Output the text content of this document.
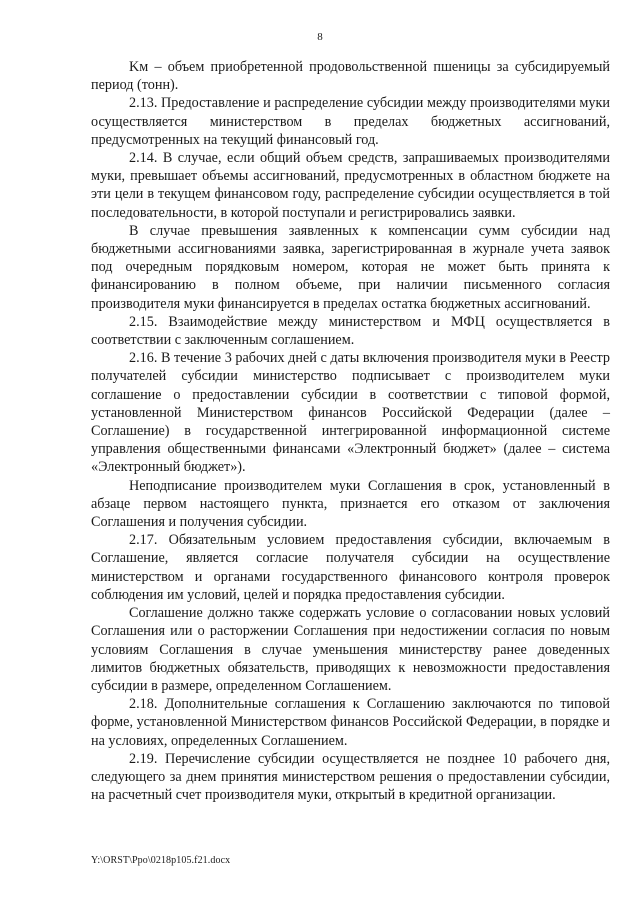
8

Kм – объем приобретенной продовольственной пшеницы за субсидируемый период (тонн).

2.13. Предоставление и распределение субсидии между производителями муки осуществляется министерством в пределах бюджетных ассигнований, предусмотренных на текущий финансовый год.

2.14. В случае, если общий объем средств, запрашиваемых производителями муки, превышает объемы ассигнований, предусмотренных в областном бюджете на эти цели в текущем финансовом году, распределение субсидии осуществляется в той последовательности, в которой поступали и регистрировались заявки.

В случае превышения заявленных к компенсации сумм субсидии над бюджетными ассигнованиями заявка, зарегистрированная в журнале учета заявок под очередным порядковым номером, которая не может быть принята к финансированию в полном объеме, при наличии письменного согласия производителя муки финансируется в пределах остатка бюджетных ассигнований.

2.15. Взаимодействие между министерством и МФЦ осуществляется в соответствии с заключенным соглашением.

2.16. В течение 3 рабочих дней с даты включения производителя муки в Реестр получателей субсидии министерство подписывает с производителем муки соглашение о предоставлении субсидии в соответствии с типовой формой, установленной Министерством финансов Российской Федерации (далее – Соглашение) в государственной интегрированной информационной системе управления общественными финансами «Электронный бюджет» (далее – система «Электронный бюджет»).

Неподписание производителем муки Соглашения в срок, установленный в абзаце первом настоящего пункта, признается его отказом от заключения Соглашения и получения субсидии.

2.17. Обязательным условием предоставления субсидии, включаемым в Соглашение, является согласие получателя субсидии на осуществление министерством и органами государственного финансового контроля проверок соблюдения им условий, целей и порядка предоставления субсидии.

Соглашение должно также содержать условие о согласовании новых условий Соглашения или о расторжении Соглашения при недостижении согласия по новым условиям Соглашения в случае уменьшения министерству ранее доведенных лимитов бюджетных обязательств, приводящих к невозможности предоставления субсидии в размере, определенном Соглашением.

2.18. Дополнительные соглашения к Соглашению заключаются по типовой форме, установленной Министерством финансов Российской Федерации, в порядке и на условиях, определенных Соглашением.

2.19. Перечисление субсидии осуществляется не позднее 10 рабочего дня, следующего за днем принятия министерством решения о предоставлении субсидии, на расчетный счет производителя муки, открытый в кредитной организации.

Y:\ORST\Ppo\0218p105.f21.docx
